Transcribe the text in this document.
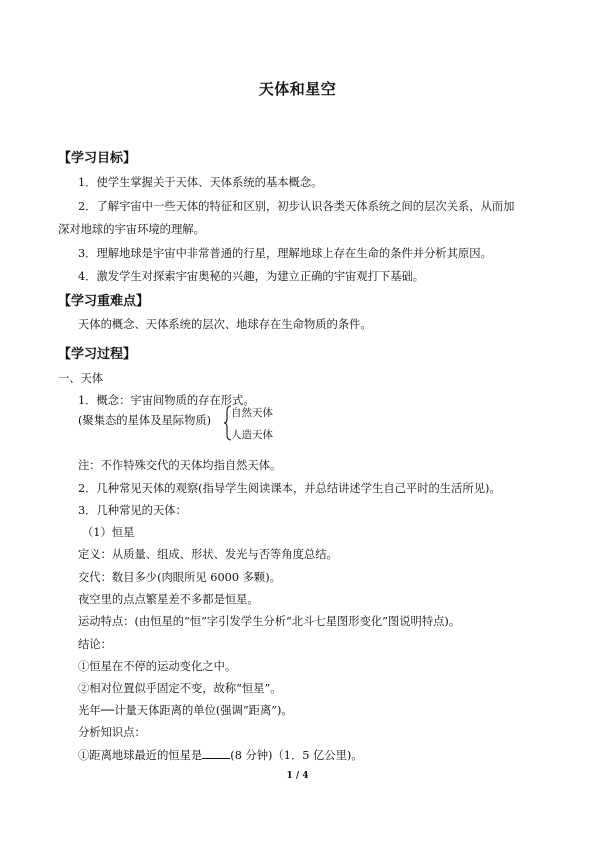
天体和星空
【学习目标】
1．使学生掌握关于天体、天体系统的基本概念。
2．了解宇宙中一些天体的特征和区别，初步认识各类天体系统之间的层次关系，从而加
深对地球的宇宙环境的理解。
3．理解地球是宇宙中非常普通的行星，理解地球上存在生命的条件并分析其原因。
4．激发学生对探索宇宙奥秘的兴趣，为建立正确的宇宙观打下基础。
【学习重难点】
天体的概念、天体系统的层次、地球存在生命物质的条件。
【学习过程】
一、天体
1．概念：宇宙间物质的存在形式。
(聚集态的星体及星际物质)
自然天体
人造天体
注：不作特殊交代的天体均指自然天体。
2．几种常见天体的观察(指导学生阅读课本，并总结讲述学生自己平时的生活所见)。
3．几种常见的天体：
（1）恒星
定义：从质量、组成、形状、发光与否等角度总结。
交代：数目多少(肉眼所见 6000 多颗)。
夜空里的点点繁星差不多都是恒星。
运动特点：(由恒星的“恒”字引发学生分析“北斗七星图形变化”图说明特点)。
结论：
①恒星在不停的运动变化之中。
②相对位置似乎固定不变，故称“恒星”。
光年──计量天体距离的单位(强调“距离”)。
分析知识点：
①距离地球最近的恒星是 (8 分钟)（1．5 亿公里)。
1 / 4
